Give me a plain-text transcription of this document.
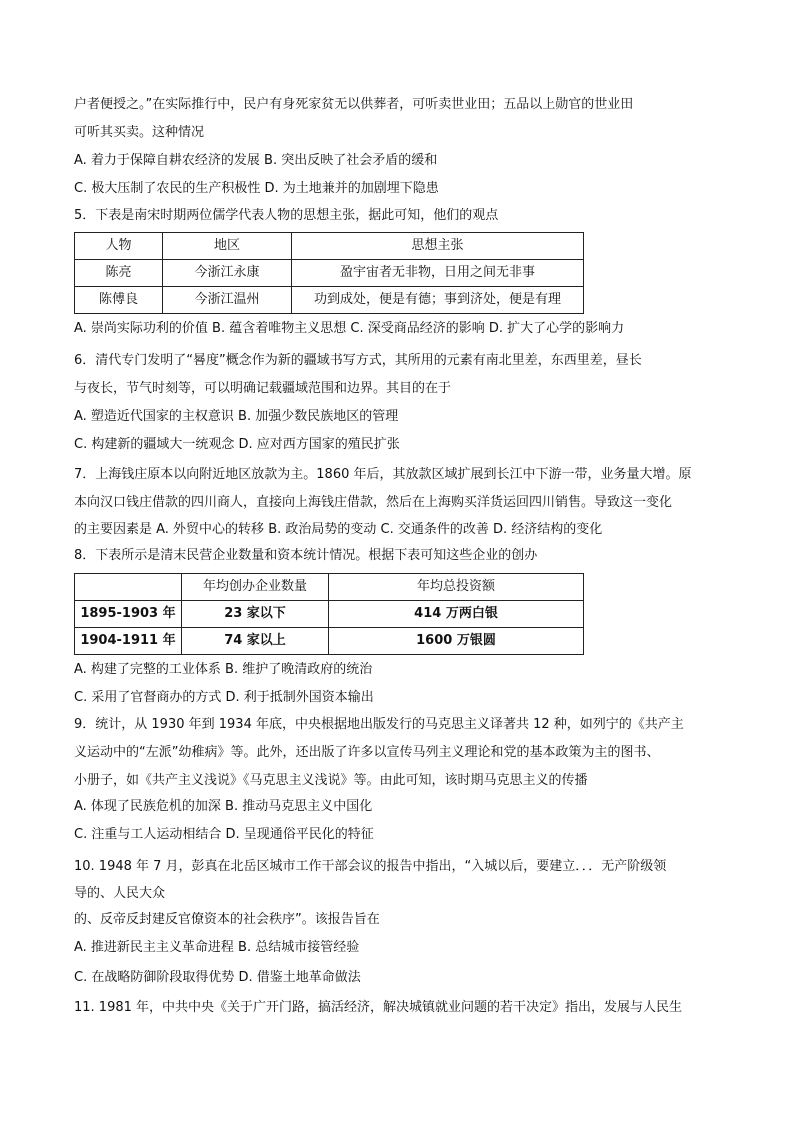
户者便授之。”在实际推行中，民户有身死家贫无以供葬者，可听卖世业田；五品以上勋官的世业田
可听其买卖。这种情况
A. 着力于保障自耕农经济的发展 B. 突出反映了社会矛盾的缓和
C. 极大压制了农民的生产积极性 D. 为土地兼并的加剧埋下隐患
5．下表是南宋时期两位儒学代表人物的思想主张，据此可知，他们的观点
人物	地区	思想主张
陈亮	今浙江永康	盈宇宙者无非物，日用之间无非事
陈傅良	今浙江温州	功到成处，便是有德；事到济处，便是有理
A. 崇尚实际功利的价值 B. 蕴含着唯物主义思想 C. 深受商品经济的影响 D. 扩大了心学的影响力
6．清代专门发明了“晷度”概念作为新的疆域书写方式，其所用的元素有南北里差，东西里差，昼长
与夜长，节气时刻等，可以明确记载疆域范围和边界。其目的在于
A. 塑造近代国家的主权意识 B. 加强少数民族地区的管理
C. 构建新的疆域大一统观念 D. 应对西方国家的殖民扩张
7．上海钱庄原本以向附近地区放款为主。1860 年后，其放款区域扩展到长江中下游一带，业务量大增。原
本向汉口钱庄借款的四川商人，直接向上海钱庄借款，然后在上海购买洋货运回四川销售。导致这一变化
的主要因素是 A. 外贸中心的转移 B. 政治局势的变动 C. 交通条件的改善 D. 经济结构的变化
8．下表所示是清末民营企业数量和资本统计情况。根据下表可知这些企业的创办
	年均创办企业数量	年均总投资额
1895-1903 年	23 家以下	414 万两白银
1904-1911 年	74 家以上	1600 万银圆
A. 构建了完整的工业体系 B. 维护了晚清政府的统治
C. 采用了官督商办的方式 D. 利于抵制外国资本输出
9．统计，从 1930 年到 1934 年底，中央根据地出版发行的马克思主义译著共 12 种，如列宁的《共产主
义运动中的“左派”幼稚病》等。此外，还出版了许多以宣传马列主义理论和党的基本政策为主的图书、
小册子，如《共产主义浅说》《马克思主义浅说》等。由此可知，该时期马克思主义的传播
A. 体现了民族危机的加深 B. 推动马克思主义中国化
C. 注重与工人运动相结合 D. 呈现通俗平民化的特征
10. 1948 年 7 月，彭真在北岳区城市工作干部会议的报告中指出，“入城以后，要建立．．．无产阶级领
导的、人民大众
的、反帝反封建反官僚资本的社会秩序”。该报告旨在
A. 推进新民主主义革命进程 B. 总结城市接管经验
C. 在战略防御阶段取得优势 D. 借鉴土地革命做法
11. 1981 年，中共中央《关于广开门路，搞活经济，解决城镇就业问题的若干决定》指出，发展与人民生
